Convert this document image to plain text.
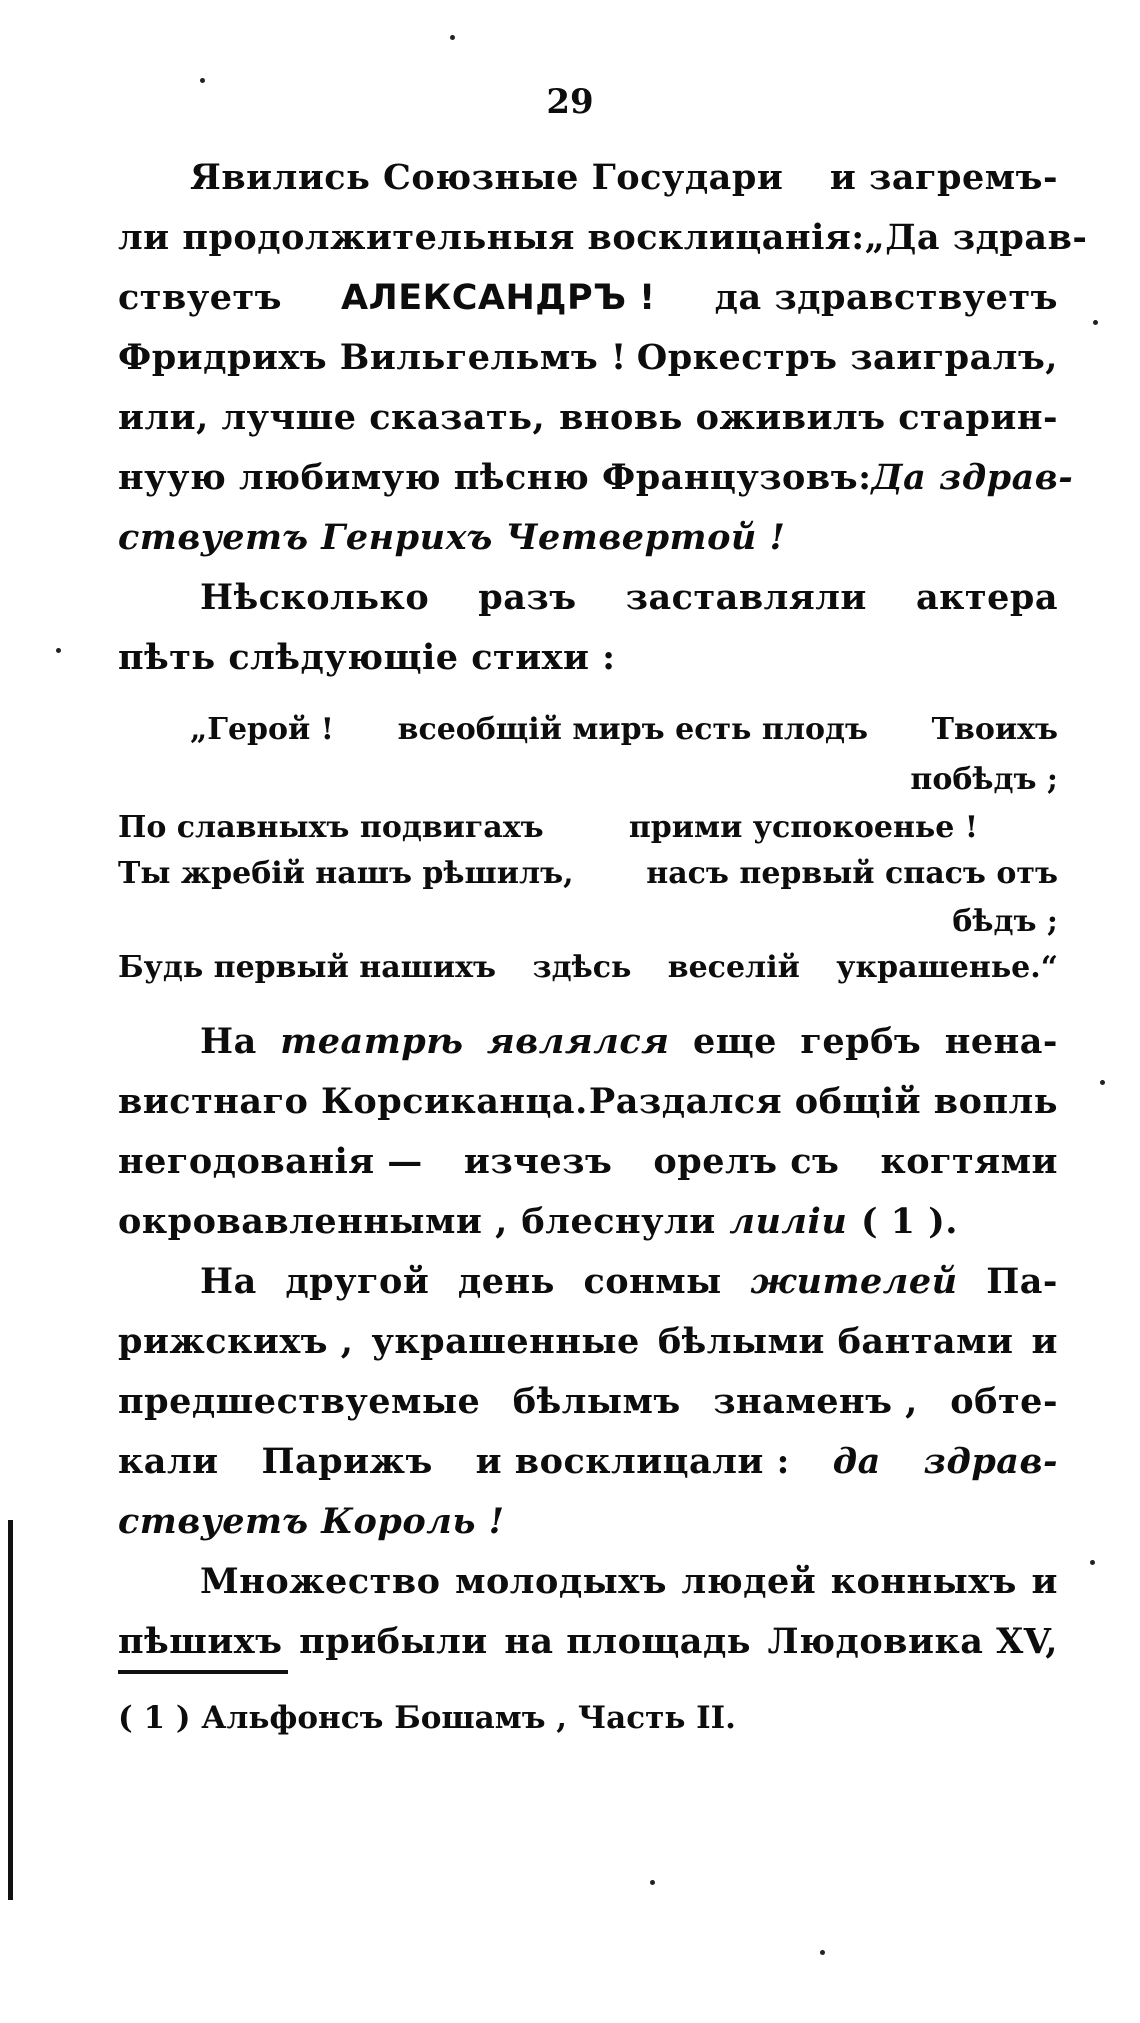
29
Явились Союзные Государи и загремъ-
ли продолжительныя восклицанія: „Да здрав-
ствуетъ АЛЕКСАНДРЪ ! да здравствуетъ
Фридрихъ Вильгельмъ ! Оркестръ заигралъ,
или, лучше сказать, вновь оживилъ старин-
нуую любимую пѣсню Французовъ: Да здрав-
ствуетъ Генрихъ Четвертой !
Нѣсколько разъ заставляли актера
пѣть слѣдующіе стихи :
„Герой ! всеобщій миръ есть плодъ Твоихъ
побѣдъ ;
По славныхъ подвигахъ	прими успокоенье !
Ты жребій нашъ рѣшилъ, насъ первый спасъ отъ
бѣдъ ;
Будь первый нашихъ здѣсь веселій украшенье.“
На театрѣ являлся еще гербъ нена-
вистнаго Корсиканца. Раздался общій вопль
негодованія — изчезъ орелъ съ когтями
окровавленными , блеснули лиліи ( 1 ).
На другой день сонмы жителей Па-
рижскихъ , украшенные бѣлыми бантами и
предшествуемые бѣлымъ знаменъ , обте-
кали Парижъ и восклицали : да здрав-
ствуетъ Король !
Множество молодыхъ людей конныхъ и
пѣшихъ прибыли на площадь Людовика XV,
( 1 ) Альфонсъ Бошамъ , Часть II.
